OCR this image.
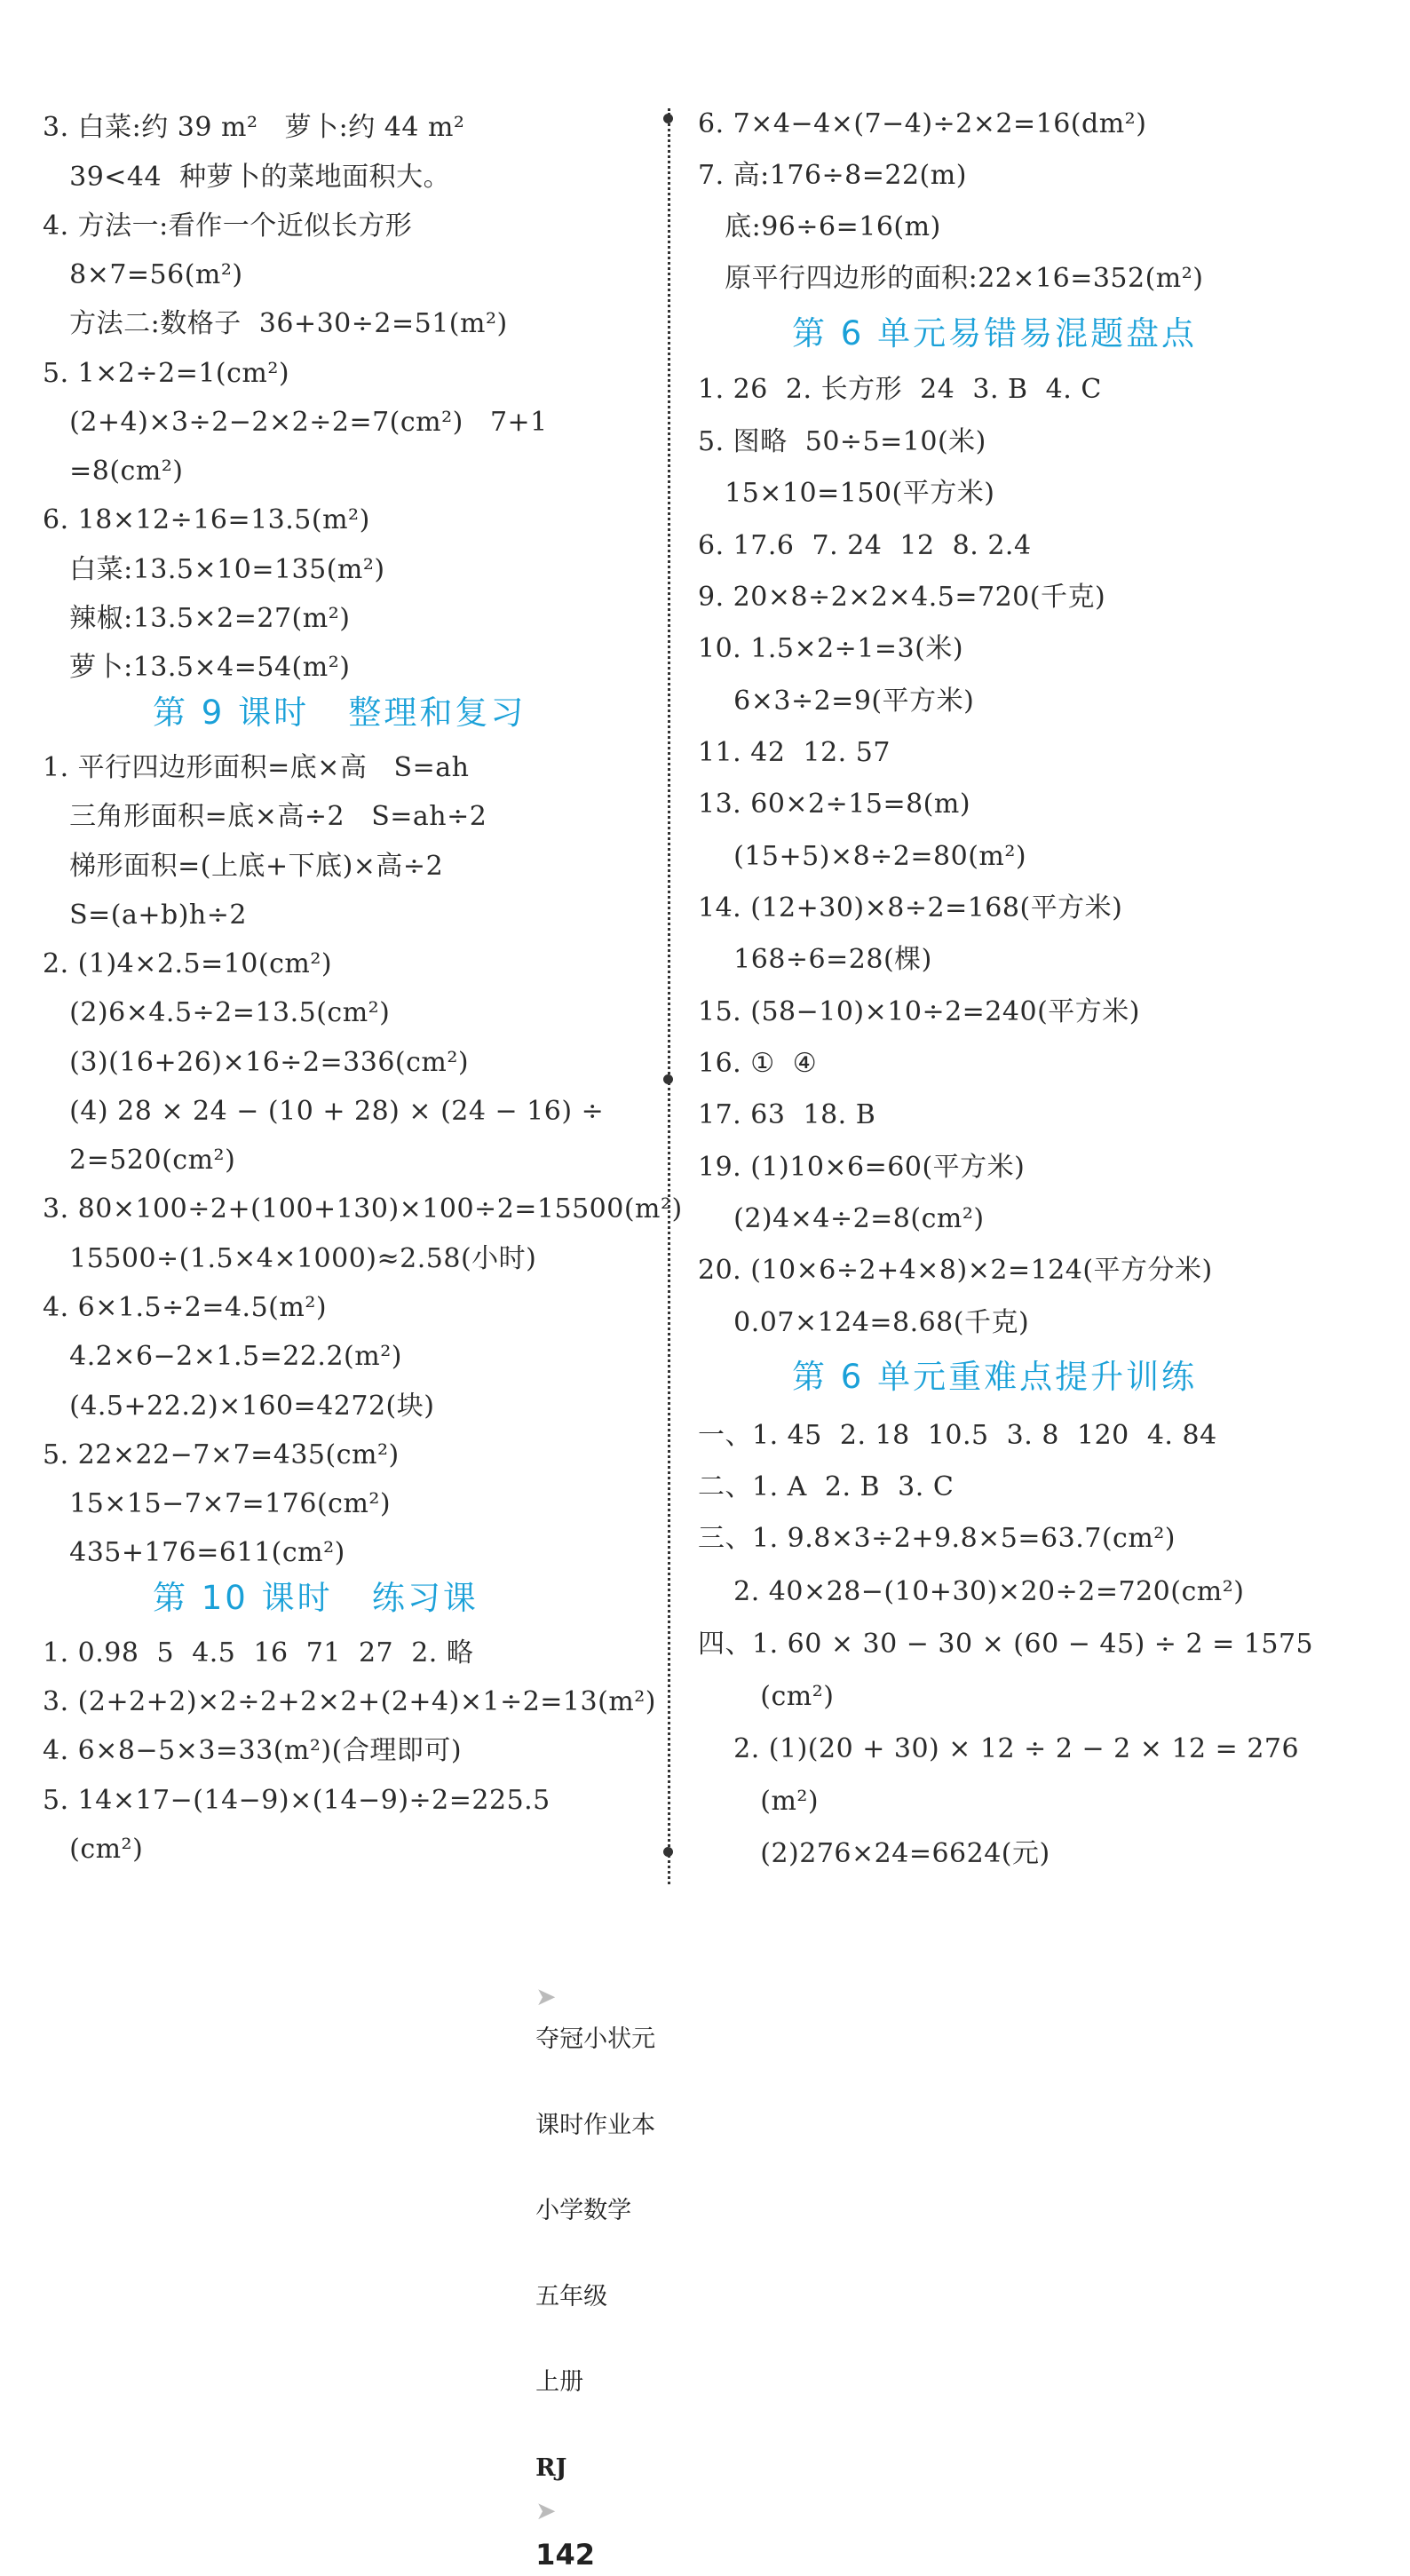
3. 白菜:约 39 m²   萝卜:约 44 m²
39<44  种萝卜的菜地面积大。
4. 方法一:看作一个近似长方形
8×7=56(m²)
方法二:数格子  36+30÷2=51(m²)
5. 1×2÷2=1(cm²)
(2+4)×3÷2−2×2÷2=7(cm²)   7+1
=8(cm²)
6. 18×12÷16=13.5(m²)
白菜:13.5×10=135(m²)
辣椒:13.5×2=27(m²)
萝卜:13.5×4=54(m²)
第 9 课时   整理和复习
1. 平行四边形面积=底×高   S=ah
三角形面积=底×高÷2   S=ah÷2
梯形面积=(上底+下底)×高÷2
S=(a+b)h÷2
2. (1)4×2.5=10(cm²)
(2)6×4.5÷2=13.5(cm²)
(3)(16+26)×16÷2=336(cm²)
(4) 28 × 24 − (10 + 28) × (24 − 16) ÷
2=520(cm²)
3. 80×100÷2+(100+130)×100÷2=15500(m²)
15500÷(1.5×4×1000)≈2.58(小时)
4. 6×1.5÷2=4.5(m²)
4.2×6−2×1.5=22.2(m²)
(4.5+22.2)×160=4272(块)
5. 22×22−7×7=435(cm²)
15×15−7×7=176(cm²)
435+176=611(cm²)
第 10 课时   练习课
1. 0.98  5  4.5  16  71  27  2. 略
3. (2+2+2)×2÷2+2×2+(2+4)×1÷2=13(m²)
4. 6×8−5×3=33(m²)(合理即可)
5. 14×17−(14−9)×(14−9)÷2=225.5
(cm²)
6. 7×4−4×(7−4)÷2×2=16(dm²)
7. 高:176÷8=22(m)
底:96÷6=16(m)
原平行四边形的面积:22×16=352(m²)
第 6 单元易错易混题盘点
1. 26  2. 长方形  24  3. B  4. C
5. 图略  50÷5=10(米)
15×10=150(平方米)
6. 17.6  7. 24  12  8. 2.4
9. 20×8÷2×2×4.5=720(千克)
10. 1.5×2÷1=3(米)
6×3÷2=9(平方米)
11. 42  12. 57
13. 60×2÷15=8(m)
(15+5)×8÷2=80(m²)
14. (12+30)×8÷2=168(平方米)
168÷6=28(棵)
15. (58−10)×10÷2=240(平方米)
16. ①  ④
17. 63  18. B
19. (1)10×6=60(平方米)
(2)4×4÷2=8(cm²)
20. (10×6÷2+4×8)×2=124(平方分米)
0.07×124=8.68(千克)
第 6 单元重难点提升训练
一、1. 45  2. 18  10.5  3. 8  120  4. 84
二、1. A  2. B  3. C
三、1. 9.8×3÷2+9.8×5=63.7(cm²)
2. 40×28−(10+30)×20÷2=720(cm²)
四、1. 60 × 30 − 30 × (60 − 45) ÷ 2 = 1575
(cm²)
2. (1)(20 + 30) × 12 ÷ 2 − 2 × 12 = 276
(m²)
(2)276×24=6624(元)

➤
夺冠小状元

课时作业本

小学数学

五年级

上册

RJ
➤
142
